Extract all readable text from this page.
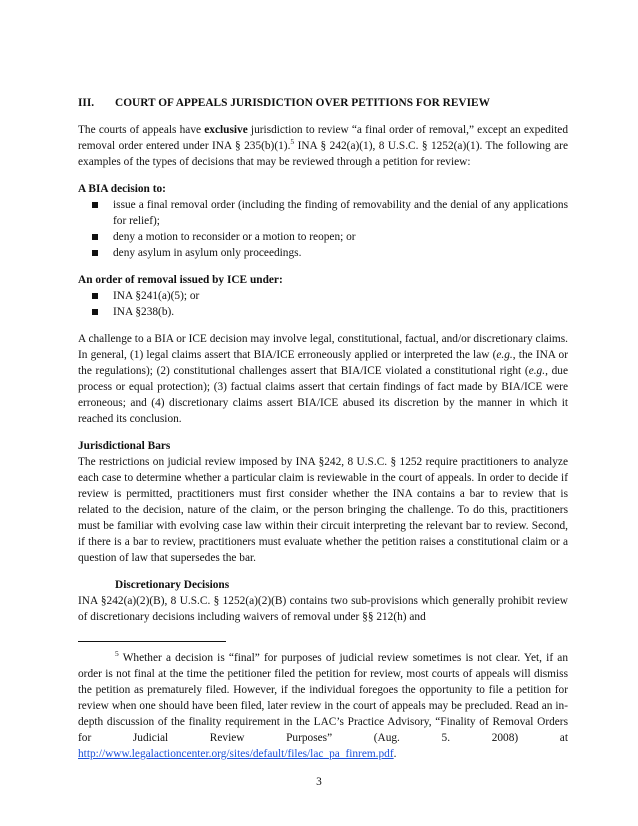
III.	COURT OF APPEALS JURISDICTION OVER PETITIONS FOR REVIEW

The courts of appeals have exclusive jurisdiction to review “a final order of removal,” except an expedited removal order entered under INA § 235(b)(1).$^5$ INA § 242(a)(1), 8 U.S.C. § 1252(a)(1). The following are examples of the types of decisions that may be reviewed through a petition for review:

A BIA decision to:
issue a final removal order (including the finding of removability and the denial of any applications for relief);
deny a motion to reconsider or a motion to reopen; or
deny asylum in asylum only proceedings.
An order of removal issued by ICE under:
INA §241(a)(5); or
INA §238(b).

A challenge to a BIA or ICE decision may involve legal, constitutional, factual, and/or discretionary claims. In general, (1) legal claims assert that BIA/ICE erroneously applied or interpreted the law (e.g., the INA or the regulations); (2) constitutional challenges assert that BIA/ICE violated a constitutional right (e.g., due process or equal protection); (3) factual claims assert that certain findings of fact made by BIA/ICE were erroneous; and (4) discretionary claims assert BIA/ICE abused its discretion by the manner in which it reached its conclusion.

Jurisdictional Bars

The restrictions on judicial review imposed by INA §242, 8 U.S.C. § 1252 require practitioners to analyze each case to determine whether a particular claim is reviewable in the court of appeals. In order to decide if review is permitted, practitioners must first consider whether the INA contains a bar to review that is related to the decision, nature of the claim, or the person bringing the challenge. To do this, practitioners must be familiar with evolving case law within their circuit interpreting the relevant bar to review. Second, if there is a bar to review, practitioners must evaluate whether the petition raises a constitutional claim or a question of law that supersedes the bar.

Discretionary Decisions

INA §242(a)(2)(B), 8 U.S.C. § 1252(a)(2)(B) contains two sub-provisions which generally prohibit review of discretionary decisions including waivers of removal under §§ 212(h) and

$^5$ Whether a decision is “final” for purposes of judicial review sometimes is not clear. Yet, if an order is not final at the time the petitioner filed the petition for review, most courts of appeals will dismiss the petition as prematurely filed. However, if the individual foregoes the opportunity to file a petition for review when one should have been filed, later review in the court of appeals may be precluded. Read an in-depth discussion of the finality requirement in the LAC’s Practice Advisory, “Finality of Removal Orders for Judicial Review Purposes” (Aug. 5. 2008) at http://www.legalactioncenter.org/sites/default/files/lac_pa_finrem.pdf.
3
